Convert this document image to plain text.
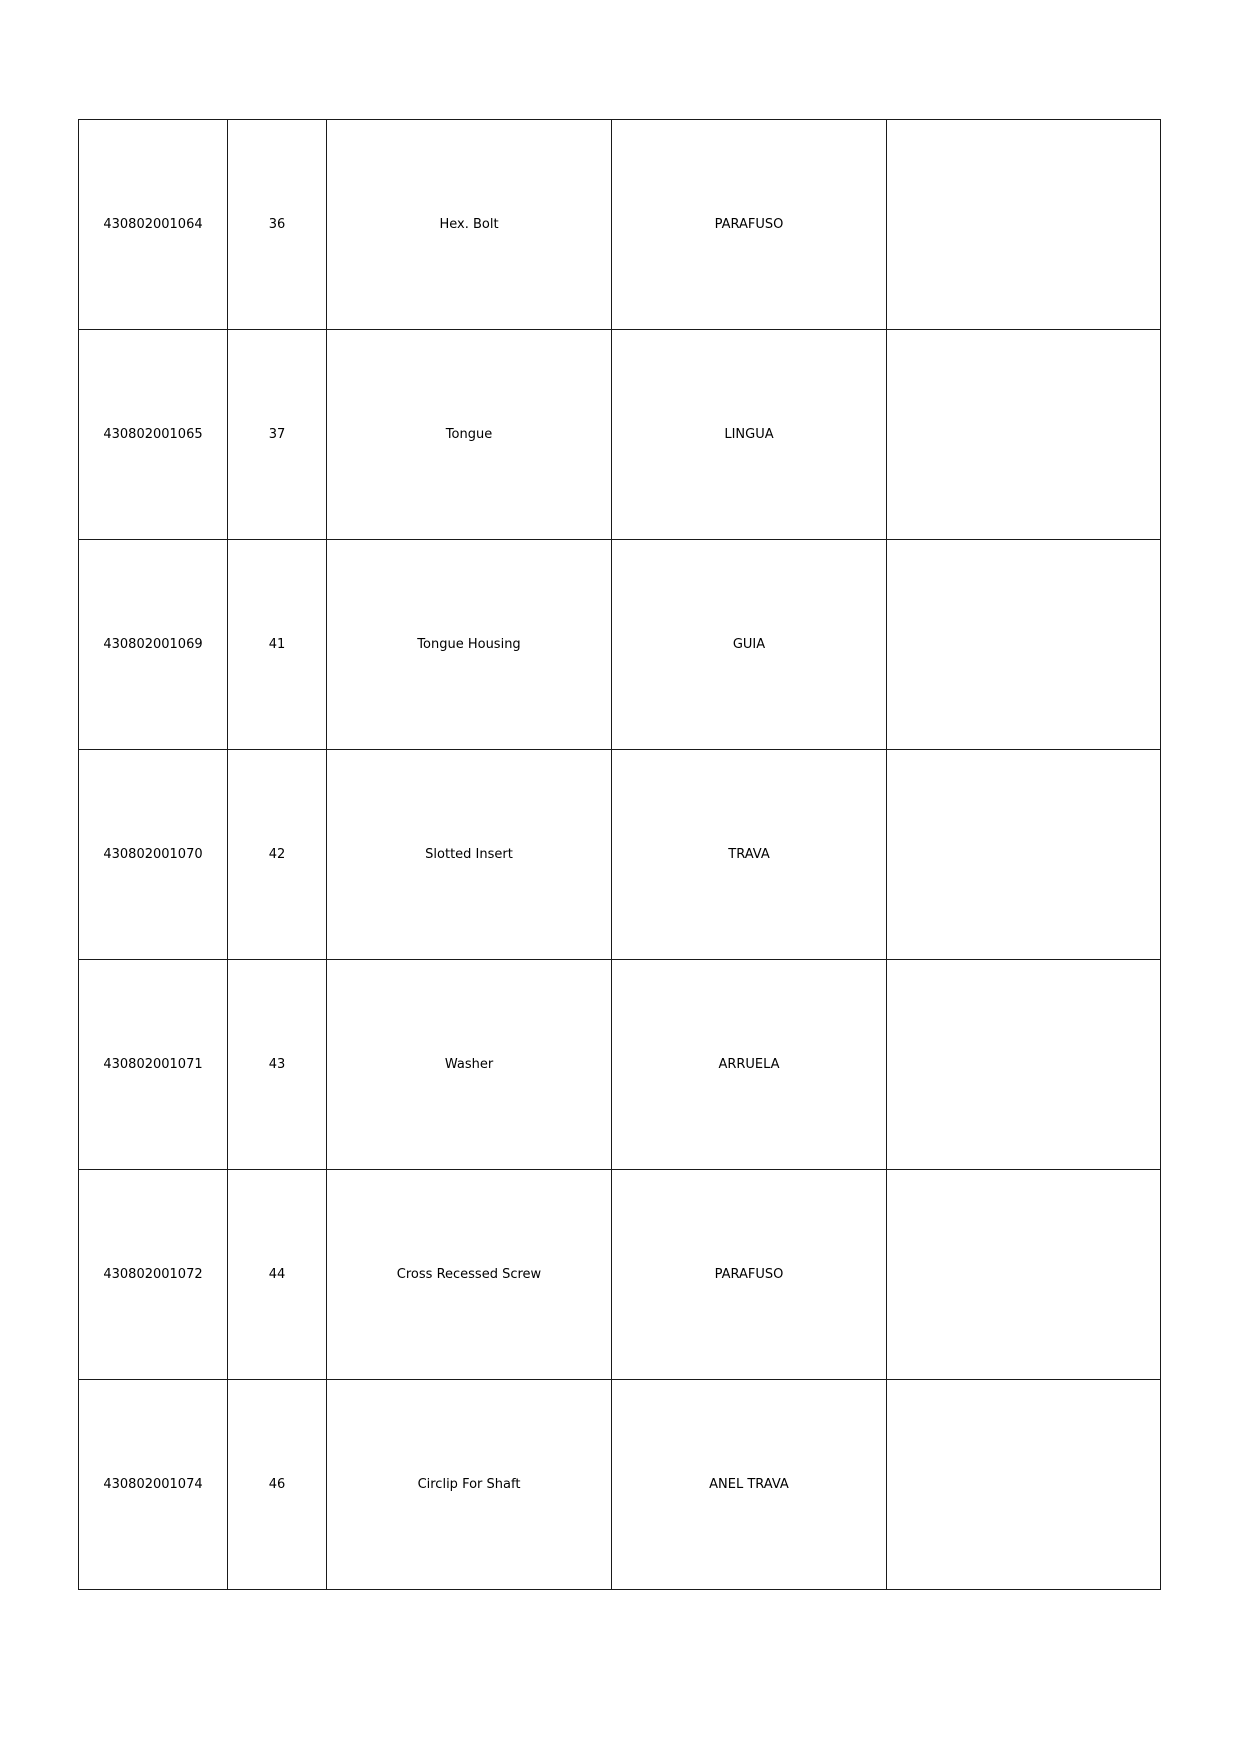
430802001064	36	Hex. Bolt	PARAFUSO	
430802001065	37	Tongue	LINGUA	
430802001069	41	Tongue Housing	GUIA	
430802001070	42	Slotted Insert	TRAVA	
430802001071	43	Washer	ARRUELA	
430802001072	44	Cross Recessed Screw	PARAFUSO	
430802001074	46	Circlip For Shaft	ANEL TRAVA	
